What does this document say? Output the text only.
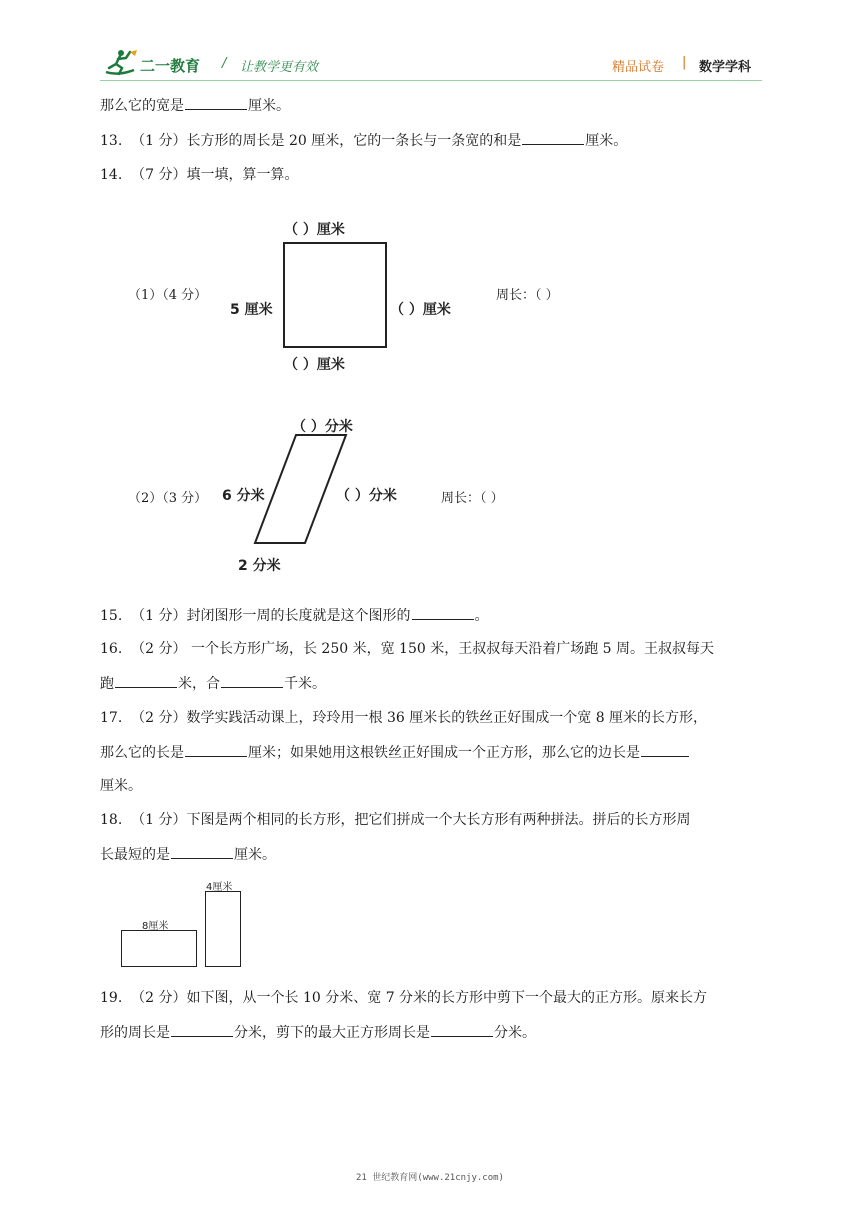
二一教育 / 让教学更有效	精品试卷 | 数学学科
那么它的宽是	厘米。
13. （1 分）长方形的周长是 20 厘米，它的一条长与一条宽的和是	厘米。
14. （7 分）填一填，算一算。
（1）（4 分）
（ ）厘米
5 厘米	（ ）厘米
（ ）厘米
周长：（ ）
（2）（3 分）
（ ）分米
6 分米	（ ）分米
2 分米
周长：（ ）
15. （1 分）封闭图形一周的长度就是这个图形的	。
16. （2 分） 一个长方形广场，长 250 米，宽 150 米，王叔叔每天沿着广场跑 5 周。王叔叔每天
跑	米，合	千米。
17. （2 分）数学实践活动课上，玲玲用一根 36 厘米长的铁丝正好围成一个宽 8 厘米的长方形，
那么它的长是	厘米；如果她用这根铁丝正好围成一个正方形，那么它的边长是
厘米。
18. （1 分）下图是两个相同的长方形，把它们拼成一个大长方形有两种拼法。拼后的长方形周
长最短的是	厘米。
8厘米
4厘米
19. （2 分）如下图，从一个长 10 分米、宽 7 分米的长方形中剪下一个最大的正方形。原来长方
形的周长是	分米，剪下的最大正方形周长是	分米。
21 世纪教育网(www.21cnjy.com)
